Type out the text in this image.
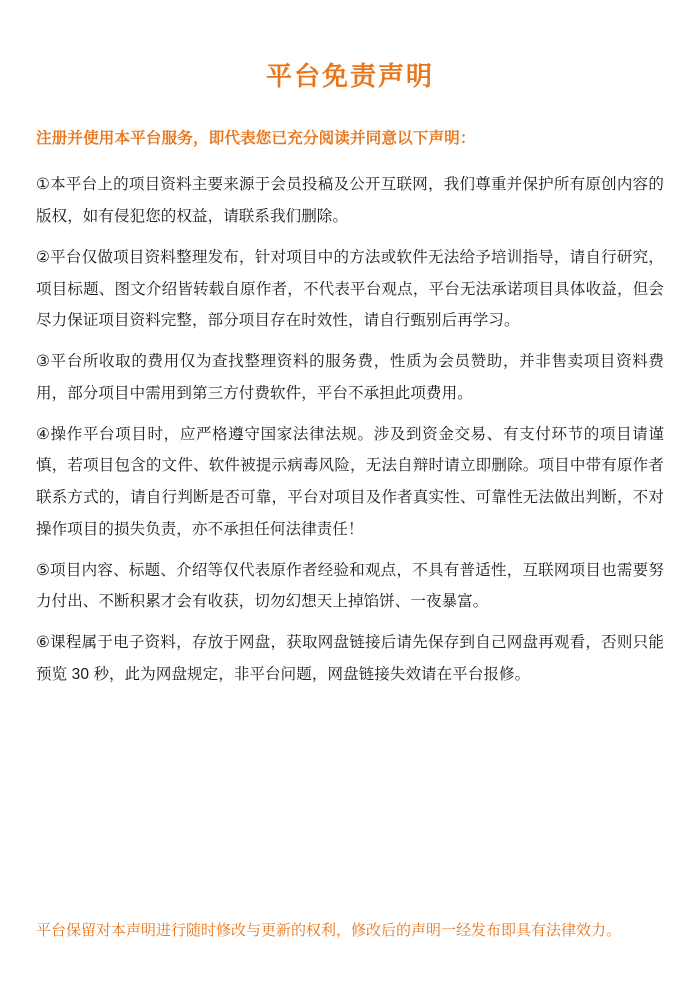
平台免责声明

注册并使用本平台服务，即代表您已充分阅读并同意以下声明：

①本平台上的项目资料主要来源于会员投稿及公开互联网，我们尊重并保护所有原创内容的版权，如有侵犯您的权益，请联系我们删除。

②平台仅做项目资料整理发布，针对项目中的方法或软件无法给予培训指导，请自行研究，项目标题、图文介绍皆转载自原作者，不代表平台观点，平台无法承诺项目具体收益，但会尽力保证项目资料完整，部分项目存在时效性，请自行甄别后再学习。

③平台所收取的费用仅为查找整理资料的服务费，性质为会员赞助，并非售卖项目资料费用，部分项目中需用到第三方付费软件，平台不承担此项费用。

④操作平台项目时，应严格遵守国家法律法规。涉及到资金交易、有支付环节的项目请谨慎，若项目包含的文件、软件被提示病毒风险，无法自辩时请立即删除。项目中带有原作者联系方式的，请自行判断是否可靠，平台对项目及作者真实性、可靠性无法做出判断，不对操作项目的损失负责，亦不承担任何法律责任！

⑤项目内容、标题、介绍等仅代表原作者经验和观点，不具有普适性，互联网项目也需要努力付出、不断积累才会有收获，切勿幻想天上掉馅饼、一夜暴富。

⑥课程属于电子资料，存放于网盘，获取网盘链接后请先保存到自己网盘再观看，否则只能预览 30 秒，此为网盘规定，非平台问题，网盘链接失效请在平台报修。

平台保留对本声明进行随时修改与更新的权利，修改后的声明一经发布即具有法律效力。
